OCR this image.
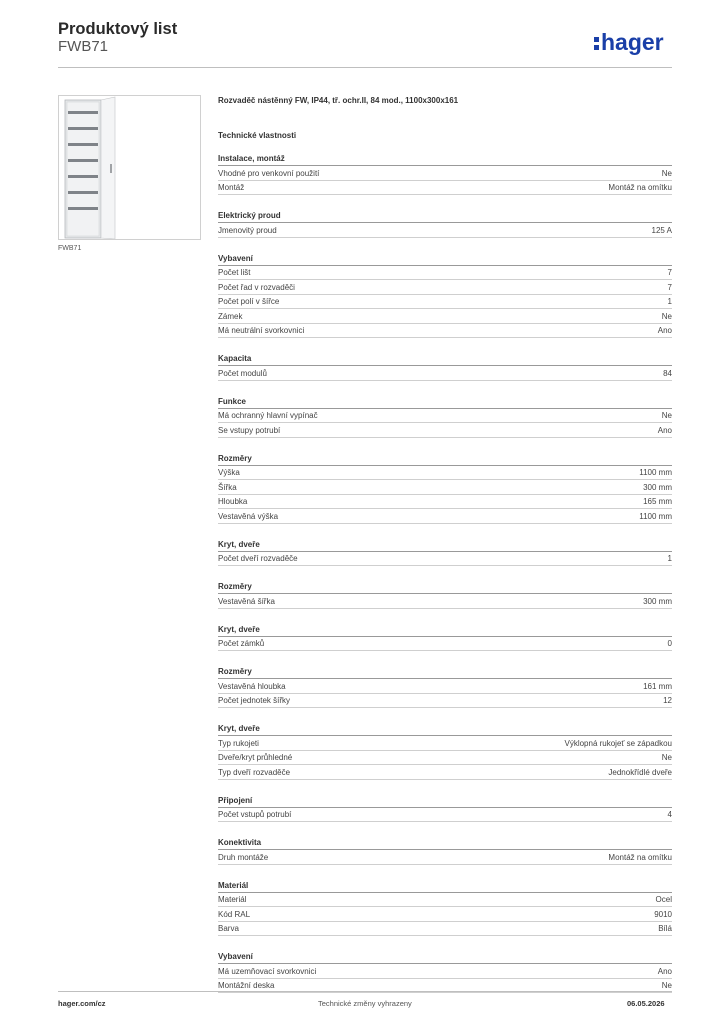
Produktový list
FWB71	hager
FWB71
Rozvaděč nástěnný FW, IP44, tř. ochr.II, 84 mod., 1100x300x161
Technické vlastnosti
Instalace, montáž
Vhodné pro venkovní použití	Ne
Montáž	Montáž na omítku
Elektrický proud
Jmenovitý proud	125 A
Vybavení
Počet lišt	7
Počet řad v rozvaděči	7
Počet polí v šířce	1
Zámek	Ne
Má neutrální svorkovnici	Ano
Kapacita
Počet modulů	84
Funkce
Má ochranný hlavní vypínač	Ne
Se vstupy potrubí	Ano
Rozměry
Výška	1100 mm
Šířka	300 mm
Hloubka	165 mm
Vestavěná výška	1100 mm
Kryt, dveře
Počet dveří rozvaděče	1
Rozměry
Vestavěná šířka	300 mm
Kryt, dveře
Počet zámků	0
Rozměry
Vestavěná hloubka	161 mm
Počet jednotek šířky	12
Kryt, dveře
Typ rukojeti	Výklopná rukojeť se západkou
Dveře/kryt průhledné	Ne
Typ dveří rozvaděče	Jednokřídlé dveře
Připojení
Počet vstupů potrubí	4
Konektivita
Druh montáže	Montáž na omítku
Materiál
Materiál	Ocel
Kód RAL	9010
Barva	Bílá
Vybavení
Má uzemňovací svorkovnici	Ano
Montážní deska	Ne
hager.com/cz	Technické změny vyhrazeny	06.05.2026
